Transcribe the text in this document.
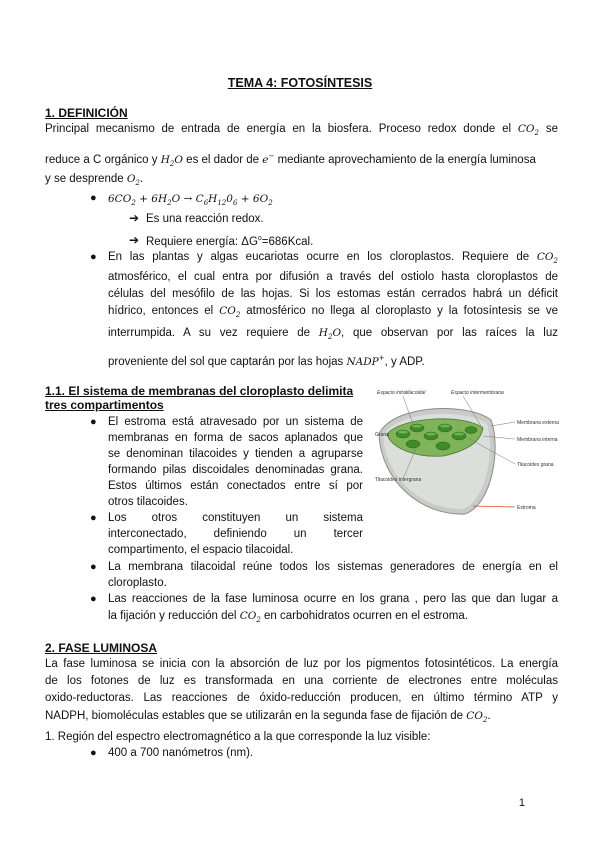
TEMA 4: FOTOSÍNTESIS
1. DEFINICIÓN
Principal mecanismo de entrada de energía en la biosfera. Proceso redox donde el $CO_2$ se
reduce a C orgánico y $H_2O$ es el dador de e− mediante aprovechamiento de la energía luminosa
y se desprende $O_2$.
● $6CO_2 + 6H_2O \to C_6H_{12}0_6 + 6O_2$
➔ Es una reacción redox.
➔ Requiere energía: $\Delta G^o=686Kcal$.
● En las plantas y algas eucariotas ocurre en los cloroplastos. Requiere de $CO_2$
atmosférico, el cual entra por difusión a través del ostiolo hasta cloroplastos de
células del mesófilo de las hojas. Si los estomas están cerrados habrá un déficit
hídrico, entonces el $CO_2$ atmosférico no llega al cloroplasto y la fotosíntesis se ve
interrumpida. A su vez requiere de $H_2O$, que observan por las raíces la luz
proveniente del sol que captarán por las hojas NADP+, y ADP.
1.1. El sistema de membranas del cloroplasto delimita
tres compartimentos
● El estroma está atravesado por un sistema de
membranas en forma de sacos aplanados que
se denominan tilacoides y tienden a agruparse
formando pilas discoidales denominadas grana.
Estos últimos están conectados entre sí por
otros tilacoides.
● Los otros constituyen un sistema
interconectado, definiendo un tercer
compartimento, el espacio tilacoidal.
● La membrana tilacoidal reúne todos los sistemas generadores de energía en el
cloroplasto.
● Las reacciones de la fase luminosa ocurre en los grana , pero las que dan lugar a
la fijación y reducción del $CO_2$ en carbohidratos ocurren en el estroma.
Espacio intratilacoidal	Espacio intermembrana
Grana
Tilacoides intergrana
Membrana externa
Membrana interna
Tilacoides grana
Estroma
2. FASE LUMINOSA
La fase luminosa se inicia con la absorción de luz por los pigmentos fotosintéticos. La energía
de los fotones de luz es transformada en una corriente de electrones entre moléculas
oxido-reductoras. Las reacciones de óxido-reducción producen, en último término ATP y
NADPH, biomoléculas estables que se utilizarán en la segunda fase de fijación de $CO_2$.
1. Región del espectro electromagnético a la que corresponde la luz visible:
● 400 a 700 nanómetros (nm).
1
